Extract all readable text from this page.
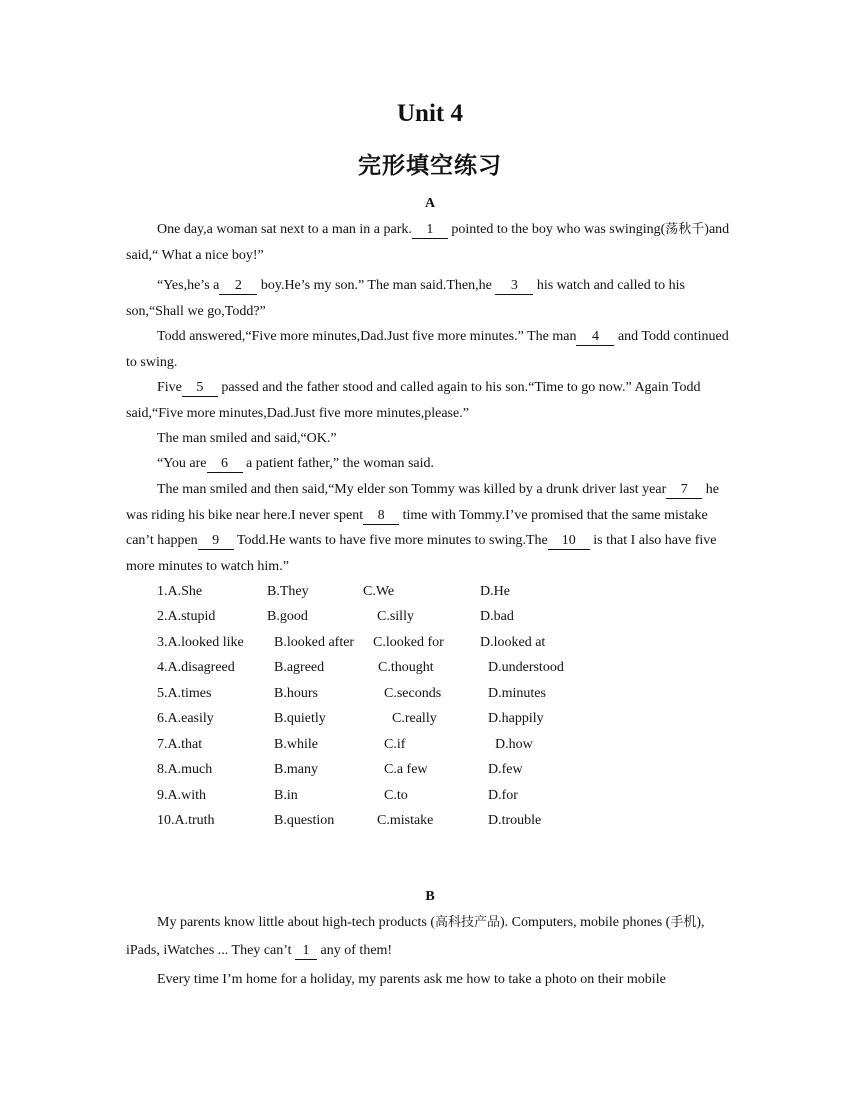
Unit 4
完形填空练习
A

One day,a woman sat next to a man in a park. 1 pointed to the boy who was swinging(荡秋千)and said,“ What a nice boy!”

“Yes,he’s a 2 boy.He’s my son.” The man said.Then,he 3 his watch and called to his son,“Shall we go,Todd?”

Todd answered,“Five more minutes,Dad.Just five more minutes.” The man 4 and Todd continued to swing.

Five 5 passed and the father stood and called again to his son.“Time to go now.” Again Todd said,“Five more minutes,Dad.Just five more minutes,please.”

The man smiled and said,“OK.”

“You are 6 a patient father,” the woman said.

The man smiled and then said,“My elder son Tommy was killed by a drunk driver last year 7 he was riding his bike near here.I never spent 8 time with Tommy.I’ve promised that the same mistake can’t happen 9 Todd.He wants to have five more minutes to swing.The 10 is that I also have five more minutes to watch him.”

1.A.She	B.They	C.We	D.He
2.A.stupid	B.good	C.silly	D.bad
3.A.looked like B.looked after C.looked for	D.looked at
4.A.disagreed	B.agreed	C.thought	D.understood
5.A.times	B.hours	C.seconds	D.minutes
6.A.easily	B.quietly	C.really	D.happily
7.A.that	B.while	C.if	D.how
8.A.much	B.many	C.a few	D.few
9.A.with	B.in	C.to	D.for
10.A.truth	B.question	C.mistake	D.trouble
B

My parents know little about high-tech products (高科技产品). Computers, mobile phones (手机), iPads, iWatches ... They can’t 1 any of them!

Every time I’m home for a holiday, my parents ask me how to take a photo on their mobile
